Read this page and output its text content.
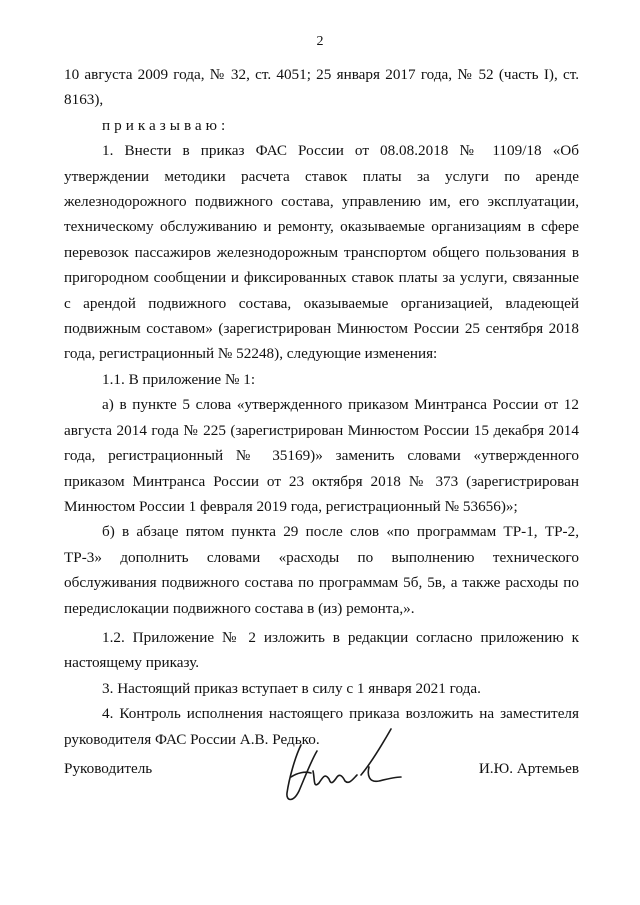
2

10 августа 2009 года, № 32, ст. 4051; 25 января 2017 года, № 52 (часть I), ст. 8163),

приказываю:

1. Внести в приказ ФАС России от 08.08.2018 № 1109/18 «Об утверждении методики расчета ставок платы за услуги по аренде железнодорожного подвижного состава, управлению им, его эксплуатации, техническому обслуживанию и ремонту, оказываемые организациям в сфере перевозок пассажиров железнодорожным транспортом общего пользования в пригородном сообщении и фиксированных ставок платы за услуги, связанные с арендой подвижного состава, оказываемые организацией, владеющей подвижным составом» (зарегистрирован Минюстом России 25 сентября 2018 года, регистрационный № 52248), следующие изменения:

1.1. В приложение № 1:

а) в пункте 5 слова «утвержденного приказом Минтранса России от 12 августа 2014 года № 225 (зарегистрирован Минюстом России 15 декабря 2014 года, регистрационный № 35169)» заменить словами «утвержденного приказом Минтранса России от 23 октября 2018 № 373 (зарегистрирован Минюстом России 1 февраля 2019 года, регистрационный № 53656)»;

б) в абзаце пятом пункта 29 после слов «по программам ТР-1, ТР-2, ТР-3» дополнить словами «расходы по выполнению технического обслуживания подвижного состава по программам 5б, 5в, а также расходы по передислокации подвижного состава в (из) ремонта,».

1.2. Приложение № 2 изложить в редакции согласно приложению к настоящему приказу.

3. Настоящий приказ вступает в силу с 1 января 2021 года.

4. Контроль исполнения настоящего приказа возложить на заместителя руководителя ФАС России А.В. Редько.

Руководитель	И.Ю. Артемьев
